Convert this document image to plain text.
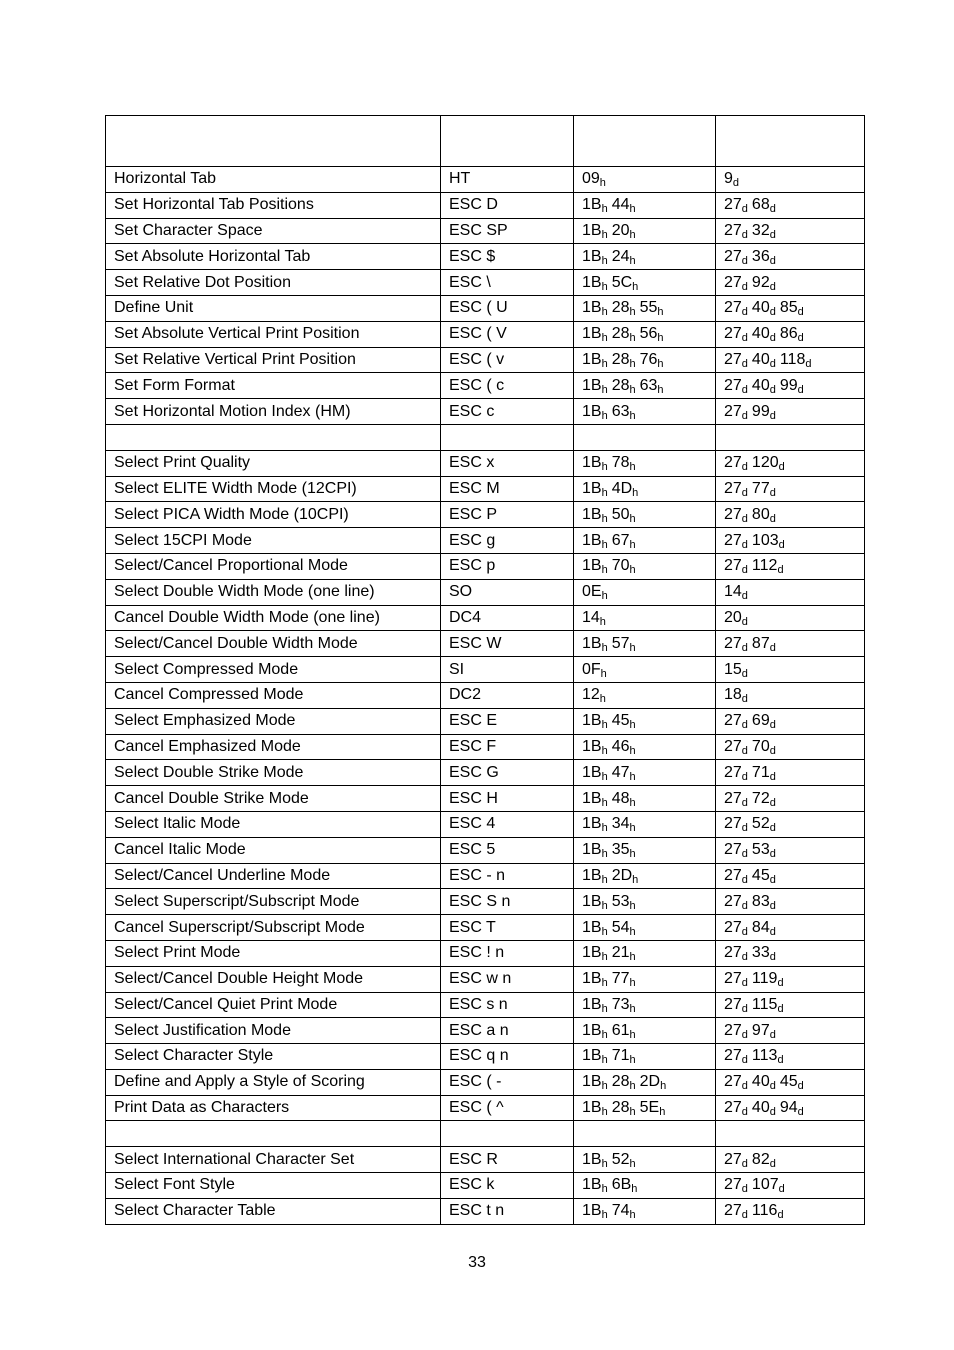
Horizontal Tab	HT	$09_h$	$9_d$
Set Horizontal Tab Positions	ESC D	$1B_h$ $44_h$	$27_d$ $68_d$
Set Character Space	ESC SP	$1B_h$ $20_h$	$27_d$ $32_d$
Set Absolute Horizontal Tab	ESC $	$1B_h$ $24_h$	$27_d$ $36_d$
Set Relative Dot Position	ESC \	$1B_h$ $5C_h$	$27_d$ $92_d$
Define Unit	ESC ( U	$1B_h$ $28_h$ $55_h$	$27_d$ $40_d$ $85_d$
Set Absolute Vertical Print Position	ESC ( V	$1B_h$ $28_h$ $56_h$	$27_d$ $40_d$ $86_d$
Set Relative Vertical Print Position	ESC ( v	$1B_h$ $28_h$ $76_h$	$27_d$ $40_d$ $118_d$
Set Form Format	ESC ( c	$1B_h$ $28_h$ $63_h$	$27_d$ $40_d$ $99_d$
Set Horizontal Motion Index (HM)	ESC c	$1B_h$ $63_h$	$27_d$ $99_d$

Select Print Quality	ESC x	$1B_h$ $78_h$	$27_d$ $120_d$
Select ELITE Width Mode (12CPI)	ESC M	$1B_h$ $4D_h$	$27_d$ $77_d$
Select PICA Width Mode (10CPI)	ESC P	$1B_h$ $50_h$	$27_d$ $80_d$
Select 15CPI Mode	ESC g	$1B_h$ $67_h$	$27_d$ $103_d$
Select/Cancel Proportional Mode	ESC p	$1B_h$ $70_h$	$27_d$ $112_d$
Select Double Width Mode (one line)	SO	$0E_h$	$14_d$
Cancel Double Width Mode (one line)	DC4	$14_h$	$20_d$
Select/Cancel Double Width Mode	ESC W	$1B_h$ $57_h$	$27_d$ $87_d$
Select Compressed Mode	SI	$0F_h$	$15_d$
Cancel Compressed Mode	DC2	$12_h$	$18_d$
Select Emphasized Mode	ESC E	$1B_h$ $45_h$	$27_d$ $69_d$
Cancel Emphasized Mode	ESC F	$1B_h$ $46_h$	$27_d$ $70_d$
Select Double Strike Mode	ESC G	$1B_h$ $47_h$	$27_d$ $71_d$
Cancel Double Strike Mode	ESC H	$1B_h$ $48_h$	$27_d$ $72_d$
Select Italic Mode	ESC 4	$1B_h$ $34_h$	$27_d$ $52_d$
Cancel Italic Mode	ESC 5	$1B_h$ $35_h$	$27_d$ $53_d$
Select/Cancel Underline Mode	ESC - n	$1B_h$ $2D_h$	$27_d$ $45_d$
Select Superscript/Subscript Mode	ESC S n	$1B_h$ $53_h$	$27_d$ $83_d$
Cancel Superscript/Subscript Mode	ESC T	$1B_h$ $54_h$	$27_d$ $84_d$
Select Print Mode	ESC ! n	$1B_h$ $21_h$	$27_d$ $33_d$
Select/Cancel Double Height Mode	ESC w n	$1B_h$ $77_h$	$27_d$ $119_d$
Select/Cancel Quiet Print Mode	ESC s n	$1B_h$ $73_h$	$27_d$ $115_d$
Select Justification Mode	ESC a n	$1B_h$ $61_h$	$27_d$ $97_d$
Select Character Style	ESC q n	$1B_h$ $71_h$	$27_d$ $113_d$
Define and Apply a Style of Scoring	ESC ( -	$1B_h$ $28_h$ $2D_h$	$27_d$ $40_d$ $45_d$
Print Data as Characters	ESC ( ^	$1B_h$ $28_h$ $5E_h$	$27_d$ $40_d$ $94_d$

Select International Character Set	ESC R	$1B_h$ $52_h$	$27_d$ $82_d$
Select Font Style	ESC k	$1B_h$ $6B_h$	$27_d$ $107_d$
Select Character Table	ESC t n	$1B_h$ $74_h$	$27_d$ $116_d$
33
